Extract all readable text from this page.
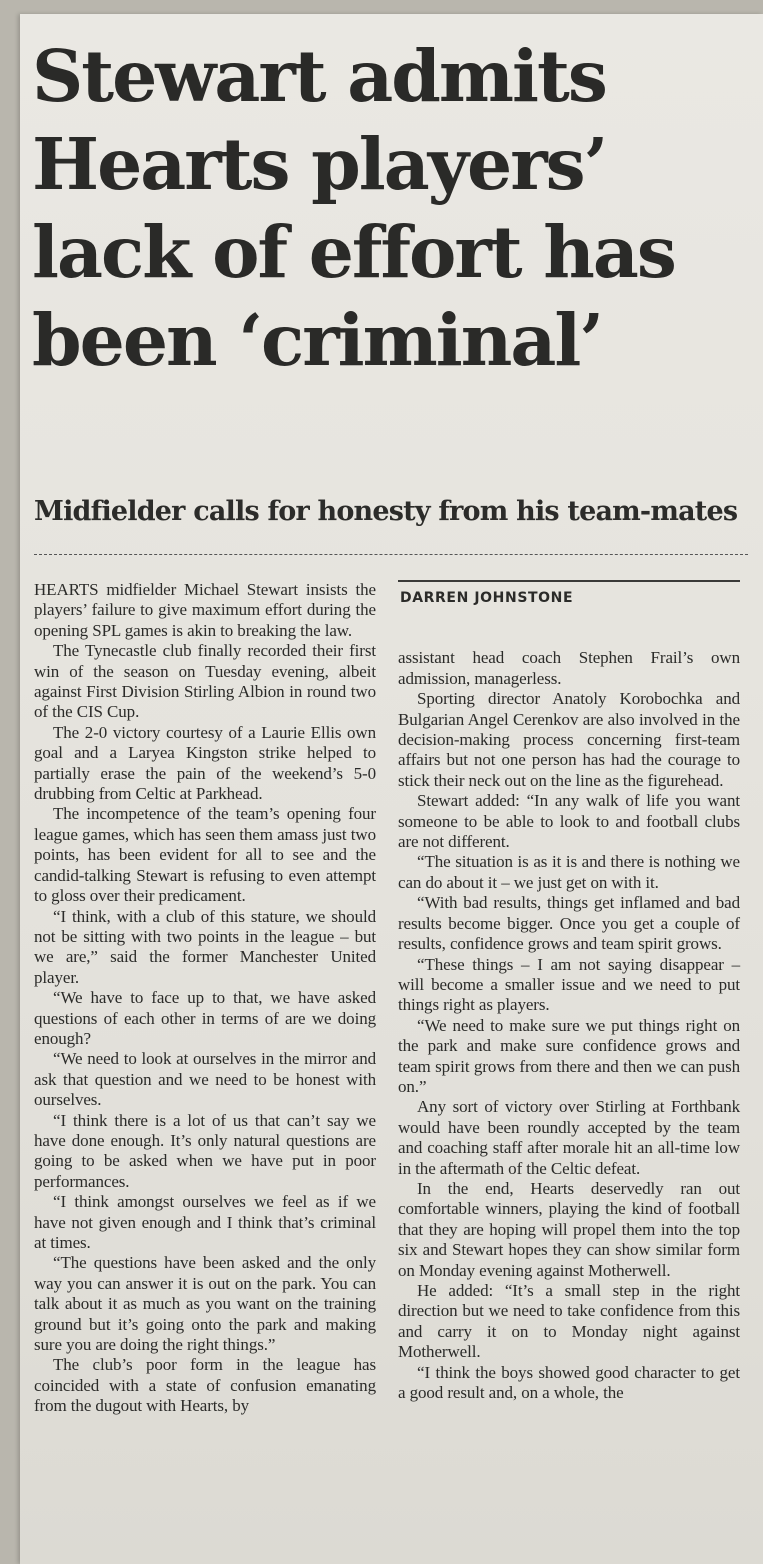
Stewart admits
Hearts players’
lack of effort has
been ‘criminal’
Midfielder calls for honesty from his team-mates

HEARTS midfielder Michael Stewart insists the players’ failure to give maximum effort during the opening SPL games is akin to breaking the law.

The Tynecastle club finally recorded their first win of the season on Tuesday evening, albeit against First Division Stirling Albion in round two of the CIS Cup.

The 2-0 victory courtesy of a Laurie Ellis own goal and a Laryea Kingston strike helped to partially erase the pain of the weekend’s 5-0 drubbing from Celtic at Parkhead.

The incompetence of the team’s opening four league games, which has seen them amass just two points, has been evident for all to see and the candid-talking Stewart is refusing to even attempt to gloss over their predicament.

“I think, with a club of this stature, we should not be sitting with two points in the league – but we are,” said the former Manchester United player.

“We have to face up to that, we have asked questions of each other in terms of are we doing enough?

“We need to look at ourselves in the mirror and ask that question and we need to be honest with ourselves.

“I think there is a lot of us that can’t say we have done enough. It’s only natural questions are going to be asked when we have put in poor performances.

“I think amongst ourselves we feel as if we have not given enough and I think that’s criminal at times.

“The questions have been asked and the only way you can answer it is out on the park. You can talk about it as much as you want on the training ground but it’s going onto the park and making sure you are doing the right things.”

The club’s poor form in the league has coincided with a state of confusion emanating from the dugout with Hearts, by

DARREN JOHNSTONE

assistant head coach Stephen Frail’s own admission, managerless.

Sporting director Anatoly Korobochka and Bulgarian Angel Cerenkov are also involved in the decision-making process concerning first-team affairs but not one person has had the courage to stick their neck out on the line as the figurehead.

Stewart added: “In any walk of life you want someone to be able to look to and football clubs are not different.

“The situation is as it is and there is nothing we can do about it – we just get on with it.

“With bad results, things get inflamed and bad results become bigger. Once you get a couple of results, confidence grows and team spirit grows.

“These things – I am not saying disappear – will become a smaller issue and we need to put things right as players.

“We need to make sure we put things right on the park and make sure confidence grows and team spirit grows from there and then we can push on.”

Any sort of victory over Stirling at Forthbank would have been roundly accepted by the team and coaching staff after morale hit an all-time low in the aftermath of the Celtic defeat.

In the end, Hearts deservedly ran out comfortable winners, playing the kind of football that they are hoping will propel them into the top six and Stewart hopes they can show similar form on Monday evening against Motherwell.

He added: “It’s a small step in the right direction but we need to take confidence from this and carry it on to Monday night against Motherwell.

“I think the boys showed good character to get a good result and, on a whole, the
